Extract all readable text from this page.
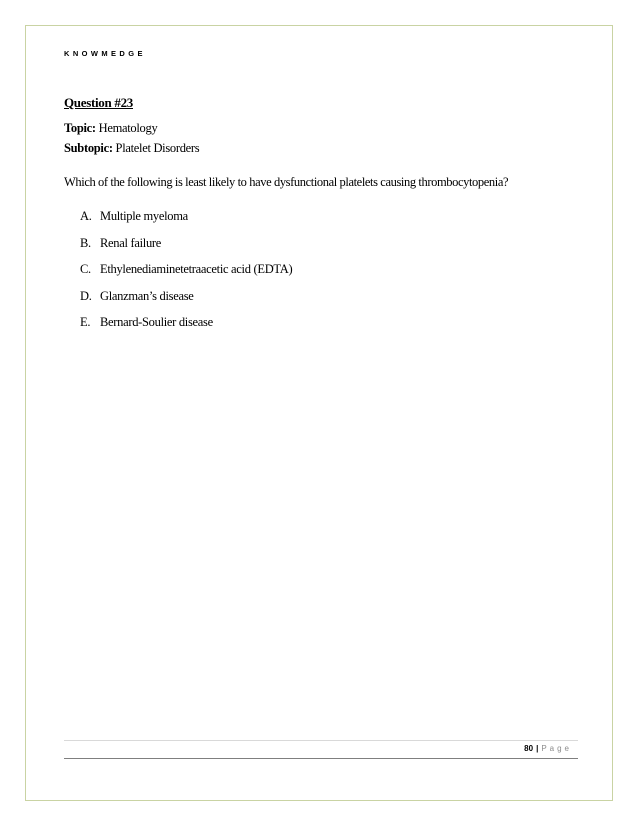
KNOWMEDGE
Question #23
Topic: Hematology
Subtopic: Platelet Disorders
Which of the following is least likely to have dysfunctional platelets causing thrombocytopenia?
A. Multiple myeloma
B. Renal failure
C. Ethylenediaminetetraacetic acid (EDTA)
D. Glanzman’s disease
E. Bernard-Soulier disease
80 | Page
